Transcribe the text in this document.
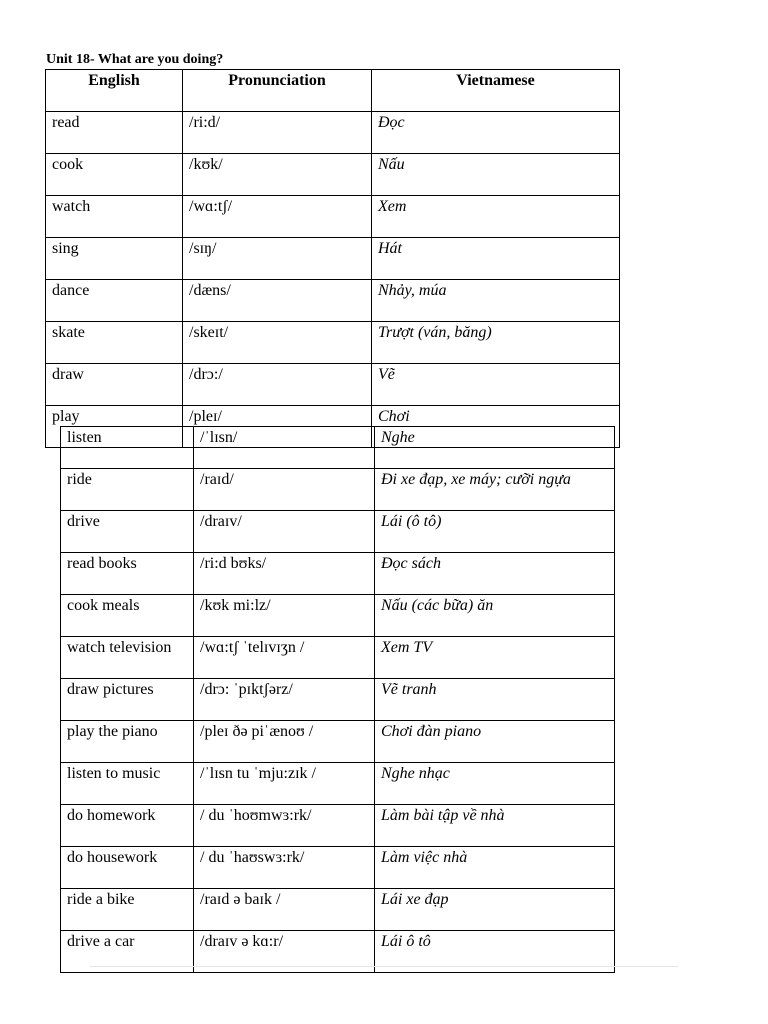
Unit 18- What are you doing?
English	Pronunciation	Vietnamese
read	/ri:d/	Đọc
cook	/kʊk/	Nấu
watch	/wɑ:tʃ/	Xem
sing	/sɪŋ/	Hát
dance	/dæns/	Nhảy, múa
skate	/skeɪt/	Trượt (ván, băng)
draw	/drɔ:/	Vẽ
play	/pleɪ/	Chơi
listen	/ˈlɪsn/	Nghe
ride	/raɪd/	Đi xe đạp, xe máy; cưỡi ngựa
drive	/draɪv/	Lái (ô tô)
read books	/ri:d bʊks/	Đọc sách
cook meals	/kʊk mi:lz/	Nấu (các bữa) ăn
watch television	/wɑ:tʃ ˈtelɪvɪʒn /	Xem TV
draw pictures	/drɔ: ˈpɪktʃərz/	Vẽ tranh
play the piano	/pleɪ ðə piˈænoʊ /	Chơi đàn piano
listen to music	/ˈlɪsn tu ˈmju:zɪk /	Nghe nhạc
do homework	/ du ˈhoʊmwɜ:rk/	Làm bài tập về nhà
do housework	/ du ˈhaʊswɜ:rk/	Làm việc nhà
ride a bike	/raɪd ə baɪk /	Lái xe đạp
drive a car	/draɪv ə kɑ:r/	Lái ô tô
